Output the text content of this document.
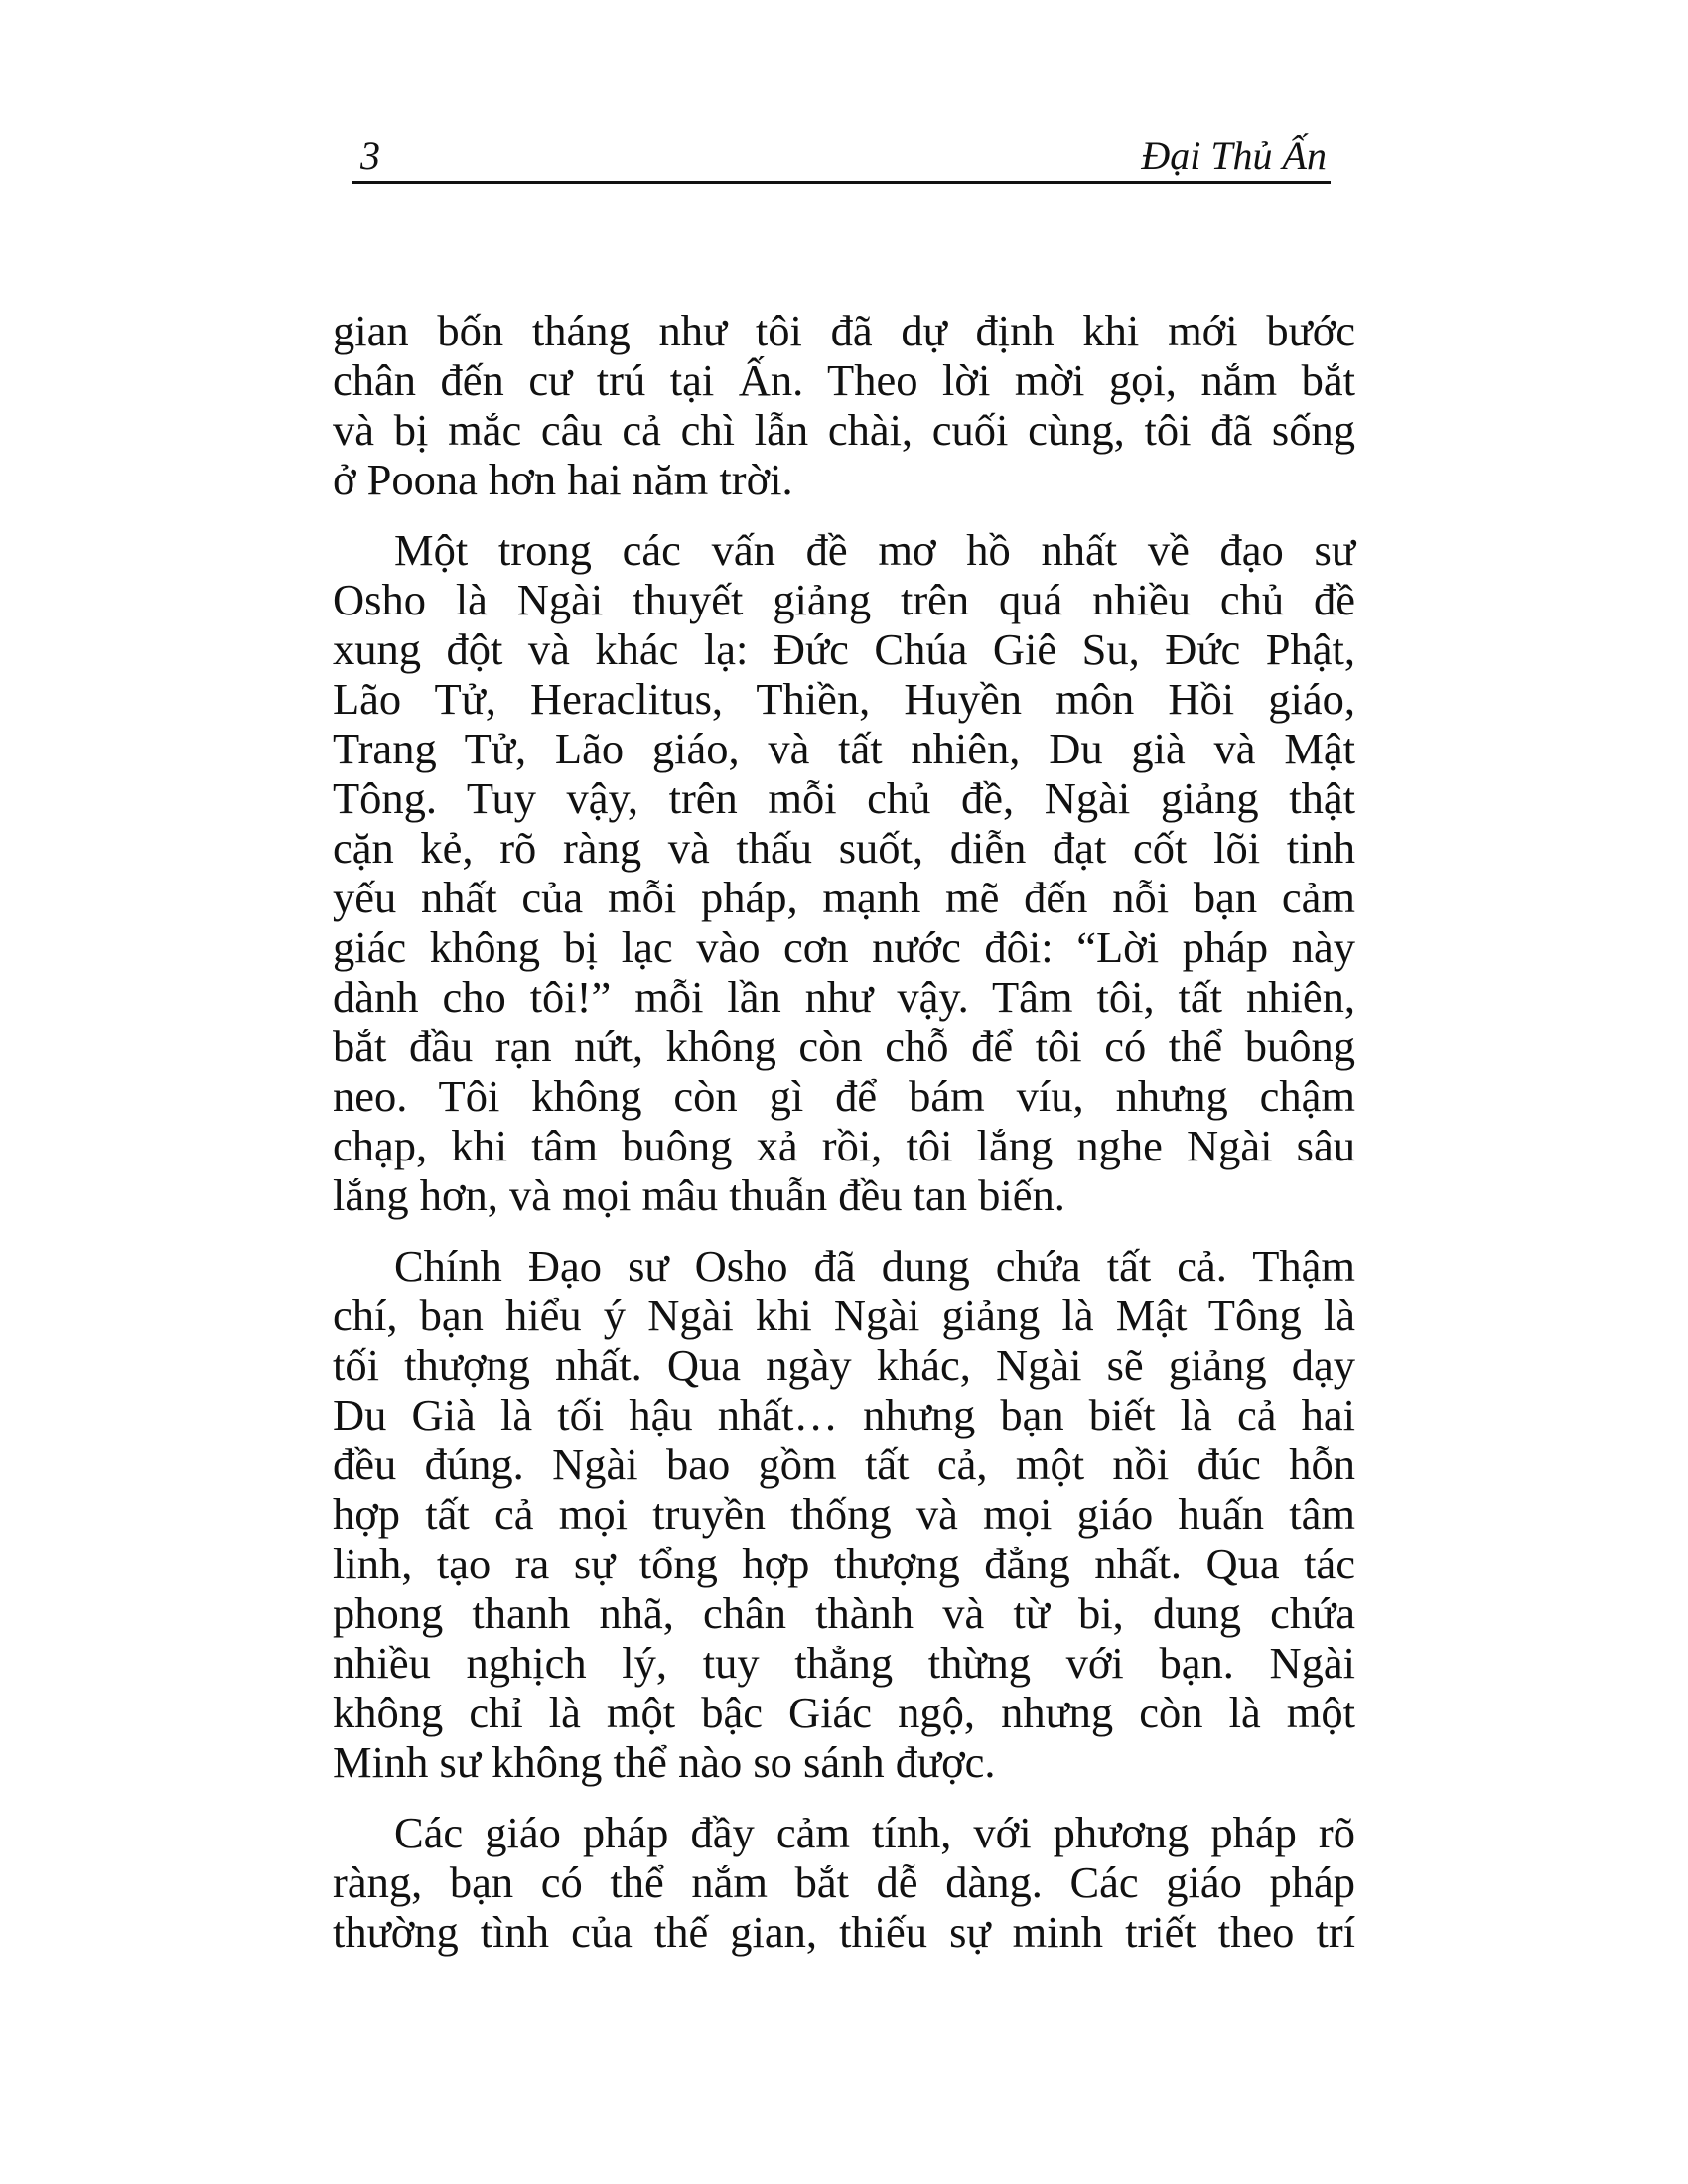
3	Đại Thủ Ấn
gian bốn tháng như tôi đã dự định khi mới bước
chân đến cư trú tại Ấn. Theo lời mời gọi, nắm bắt
và bị mắc câu cả chì lẫn chài, cuối cùng, tôi đã sống
ở Poona hơn hai năm trời.
Một trong các vấn đề mơ hồ nhất về đạo sư
Osho là Ngài thuyết giảng trên quá nhiều chủ đề
xung đột và khác lạ: Đức Chúa Giê Su, Đức Phật,
Lão Tử, Heraclitus, Thiền, Huyền môn Hồi giáo,
Trang Tử, Lão giáo, và tất nhiên, Du già và Mật
Tông. Tuy vậy, trên mỗi chủ đề, Ngài giảng thật
cặn kẻ, rõ ràng và thấu suốt, diễn đạt cốt lõi tinh
yếu nhất của mỗi pháp, mạnh mẽ đến nỗi bạn cảm
giác không bị lạc vào cơn nước đôi: “Lời pháp này
dành cho tôi!” mỗi lần như vậy. Tâm tôi, tất nhiên,
bắt đầu rạn nứt, không còn chỗ để tôi có thể buông
neo. Tôi không còn gì để bám víu, nhưng chậm
chạp, khi tâm buông xả rồi, tôi lắng nghe Ngài sâu
lắng hơn, và mọi mâu thuẫn đều tan biến.
Chính Đạo sư Osho đã dung chứa tất cả. Thậm
chí, bạn hiểu ý Ngài khi Ngài giảng là Mật Tông là
tối thượng nhất. Qua ngày khác, Ngài sẽ giảng dạy
Du Già là tối hậu nhất… nhưng bạn biết là cả hai
đều đúng. Ngài bao gồm tất cả, một nồi đúc hỗn
hợp tất cả mọi truyền thống và mọi giáo huấn tâm
linh, tạo ra sự tổng hợp thượng đẳng nhất. Qua tác
phong thanh nhã, chân thành và từ bi, dung chứa
nhiều nghịch lý, tuy thẳng thừng với bạn. Ngài
không chỉ là một bậc Giác ngộ, nhưng còn là một
Minh sư không thể nào so sánh được.
Các giáo pháp đầy cảm tính, với phương pháp rõ
ràng, bạn có thể nắm bắt dễ dàng. Các giáo pháp
thường tình của thế gian, thiếu sự minh triết theo trí
